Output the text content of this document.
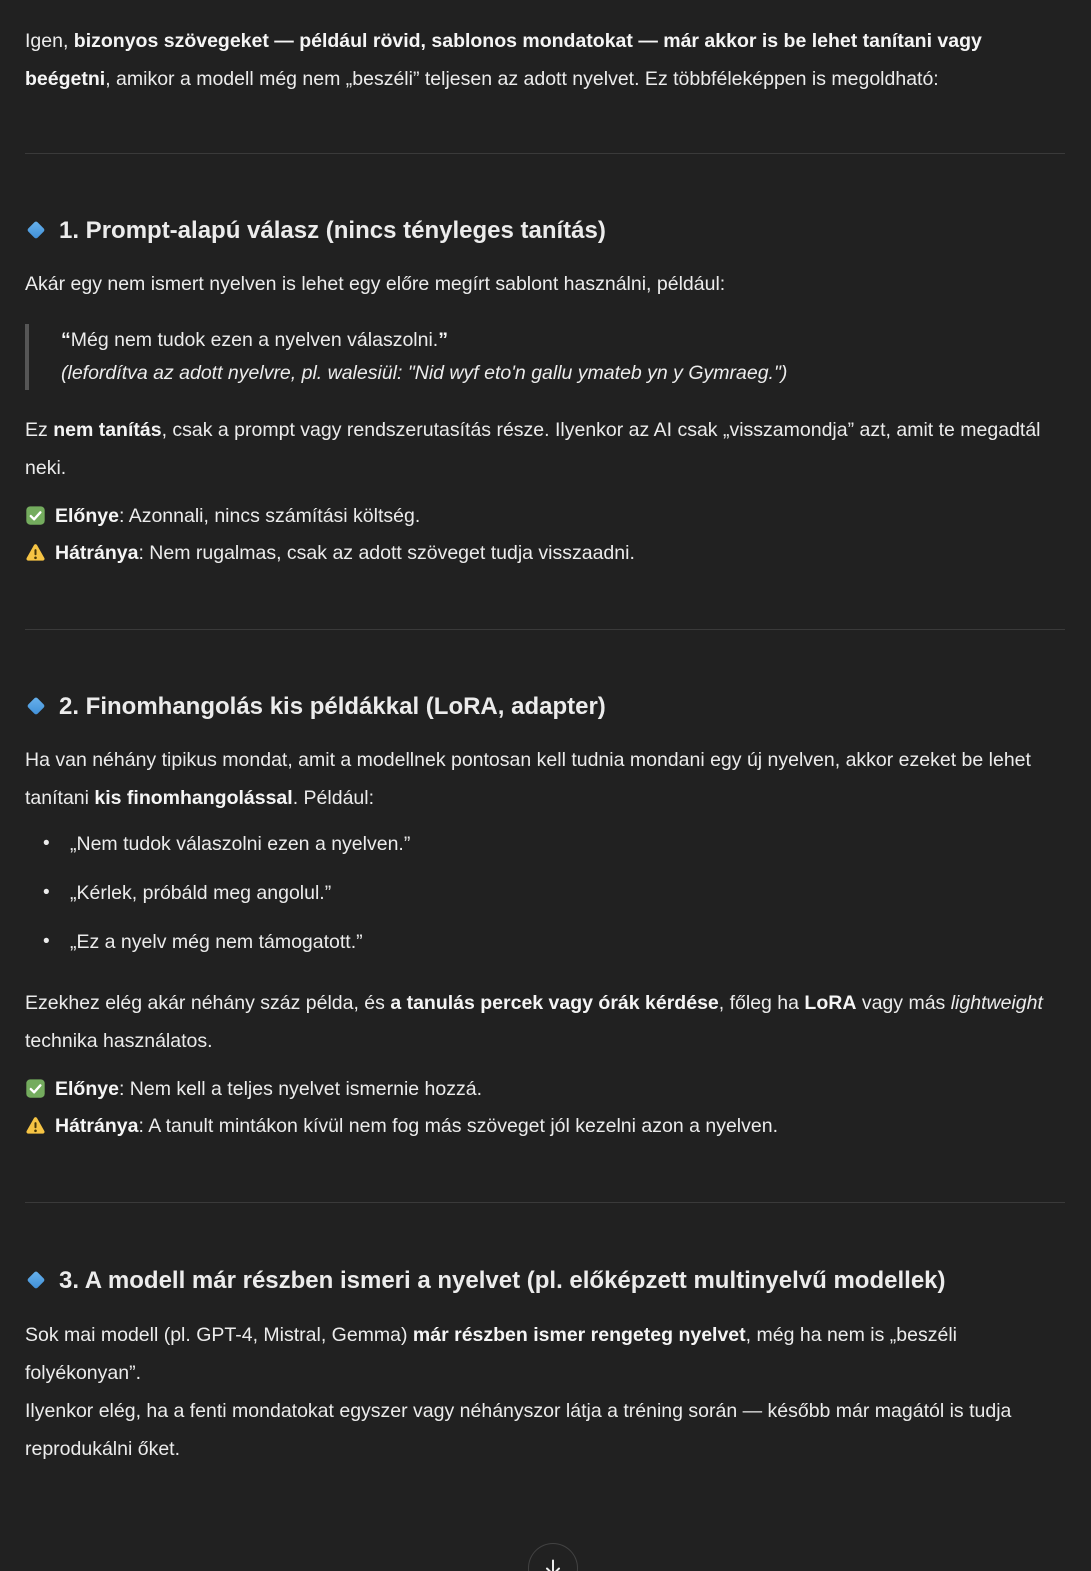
Igen, bizonyos szövegeket — például rövid, sablonos mondatokat — már akkor is be lehet tanítani vagy beégetni, amikor a modell még nem „beszéli” teljesen az adott nyelvet. Ez többféleképpen is megoldható:

1. Prompt-alapú válasz (nincs tényleges tanítás)

Akár egy nem ismert nyelven is lehet egy előre megírt sablont használni, például:

“Még nem tudok ezen a nyelven válaszolni.”
(lefordítva az adott nyelvre, pl. walesiül: "Nid wyf eto'n gallu ymateb yn y Gymraeg.")

Ez nem tanítás, csak a prompt vagy rendszerutasítás része. Ilyenkor az AI csak „visszamondja” azt, amit te megadtál neki.

Előnye: Azonnali, nincs számítási költség.
Hátránya: Nem rugalmas, csak az adott szöveget tudja visszaadni.
2. Finomhangolás kis példákkal (LoRA, adapter)

Ha van néhány tipikus mondat, amit a modellnek pontosan kell tudnia mondani egy új nyelven, akkor ezeket be lehet tanítani kis finomhangolással. Például:

• „Nem tudok válaszolni ezen a nyelven.”
• „Kérlek, próbáld meg angolul.”
• „Ez a nyelv még nem támogatott.”

Ezekhez elég akár néhány száz példa, és a tanulás percek vagy órák kérdése, főleg ha LoRA vagy más lightweight technika használatos.

Előnye: Nem kell a teljes nyelvet ismernie hozzá.
Hátránya: A tanult mintákon kívül nem fog más szöveget jól kezelni azon a nyelven.
3. A modell már részben ismeri a nyelvet (pl. előképzett multinyelvű modellek)

Sok mai modell (pl. GPT-4, Mistral, Gemma) már részben ismer rengeteg nyelvet, még ha nem is „beszéli folyékonyan”.
Ilyenkor elég, ha a fenti mondatokat egyszer vagy néhányszor látja a tréning során — később már magától is tudja reprodukálni őket.
